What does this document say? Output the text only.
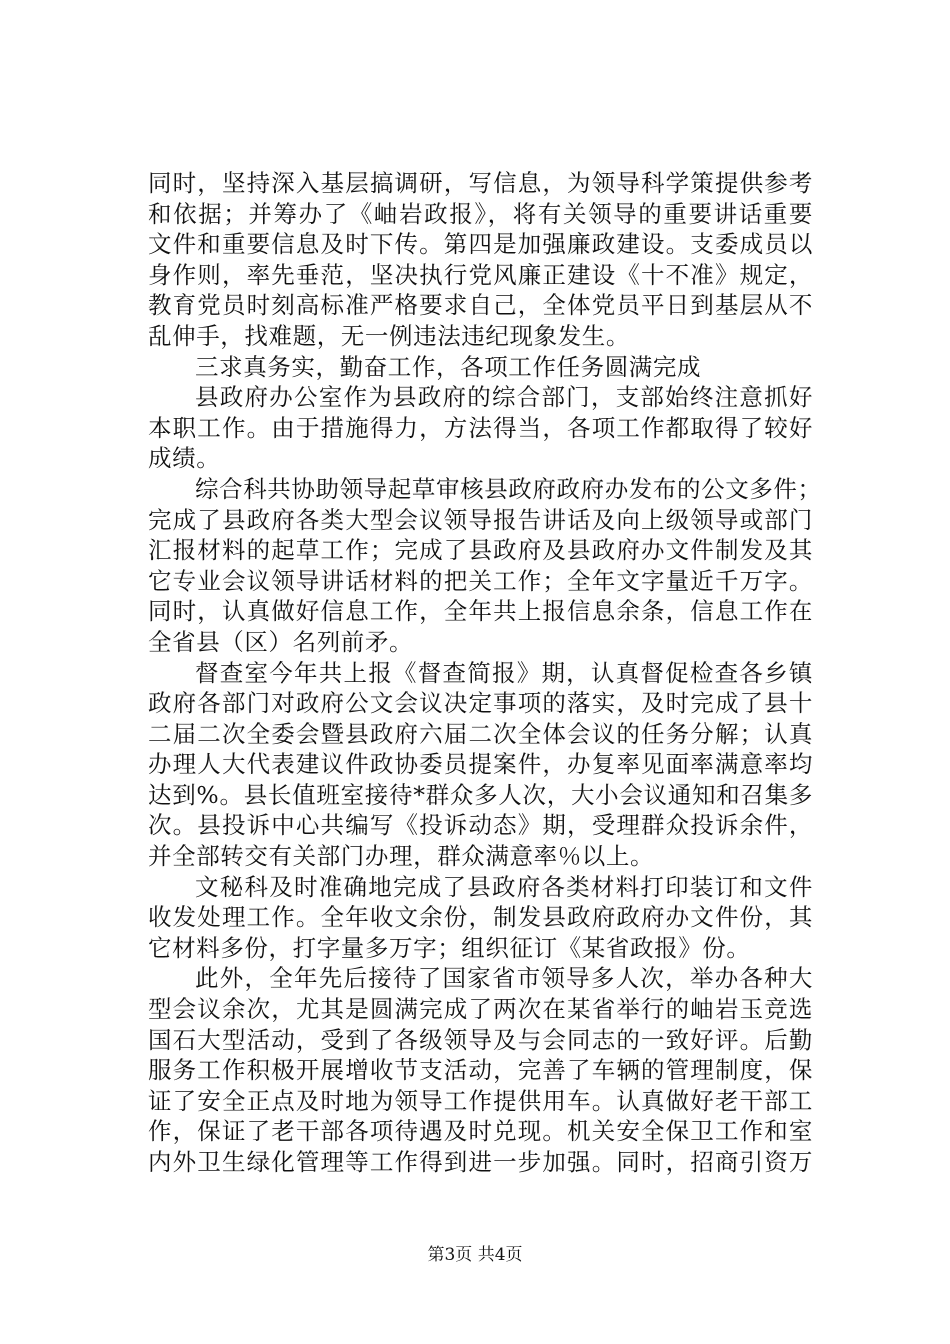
同时，坚持深入基层搞调研，写信息，为领导科学策提供参考
和依据；并筹办了《岫岩政报》，将有关领导的重要讲话重要
文件和重要信息及时下传。第四是加强廉政建设。支委成员以
身作则，率先垂范，坚决执行党风廉正建设《十不准》规定，
教育党员时刻高标准严格要求自己，全体党员平日到基层从不
乱伸手，找难题，无一例违法违纪现象发生。
三求真务实，勤奋工作，各项工作任务圆满完成
县政府办公室作为县政府的综合部门，支部始终注意抓好
本职工作。由于措施得力，方法得当，各项工作都取得了较好
成绩。
综合科共协助领导起草审核县政府政府办发布的公文多件；
完成了县政府各类大型会议领导报告讲话及向上级领导或部门
汇报材料的起草工作；完成了县政府及县政府办文件制发及其
它专业会议领导讲话材料的把关工作；全年文字量近千万字。
同时，认真做好信息工作，全年共上报信息余条，信息工作在
全省县（区）名列前矛。
督查室今年共上报《督查简报》期，认真督促检查各乡镇
政府各部门对政府公文会议决定事项的落实，及时完成了县十
二届二次全委会暨县政府六届二次全体会议的任务分解；认真
办理人大代表建议件政协委员提案件，办复率见面率满意率均
达到%。县长值班室接待*群众多人次，大小会议通知和召集多
次。县投诉中心共编写《投诉动态》期，受理群众投诉余件，
并全部转交有关部门办理，群众满意率％以上。
文秘科及时准确地完成了县政府各类材料打印装订和文件
收发处理工作。全年收文余份，制发县政府政府办文件份，其
它材料多份，打字量多万字；组织征订《某省政报》份。
此外，全年先后接待了国家省市领导多人次，举办各种大
型会议余次，尤其是圆满完成了两次在某省举行的岫岩玉竞选
国石大型活动，受到了各级领导及与会同志的一致好评。后勤
服务工作积极开展增收节支活动，完善了车辆的管理制度，保
证了安全正点及时地为领导工作提供用车。认真做好老干部工
作，保证了老干部各项待遇及时兑现。机关安全保卫工作和室
内外卫生绿化管理等工作得到进一步加强。同时，招商引资万
第3页 共4页
